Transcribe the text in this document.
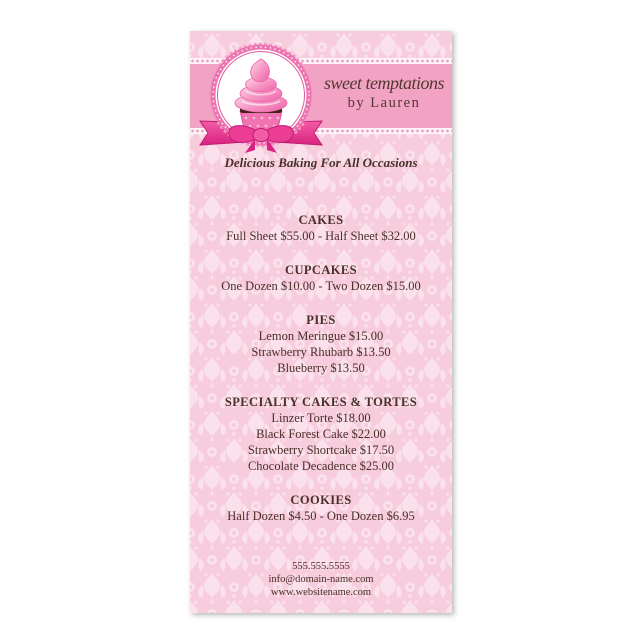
sweet temptations
by Lauren
Delicious Baking For All Occasions
CAKES
Full Sheet $55.00 - Half Sheet $32.00
CUPCAKES
One Dozen $10.00 - Two Dozen $15.00
PIES
Lemon Meringue $15.00
Strawberry Rhubarb $13.50
Blueberry $13.50
SPECIALTY CAKES & TORTES
Linzer Torte $18.00
Black Forest Cake $22.00
Strawberry Shortcake $17.50
Chocolate Decadence $25.00
COOKIES
Half Dozen $4.50 - One Dozen $6.95
555.555.5555
info@domain-name.com
www.websitename.com
